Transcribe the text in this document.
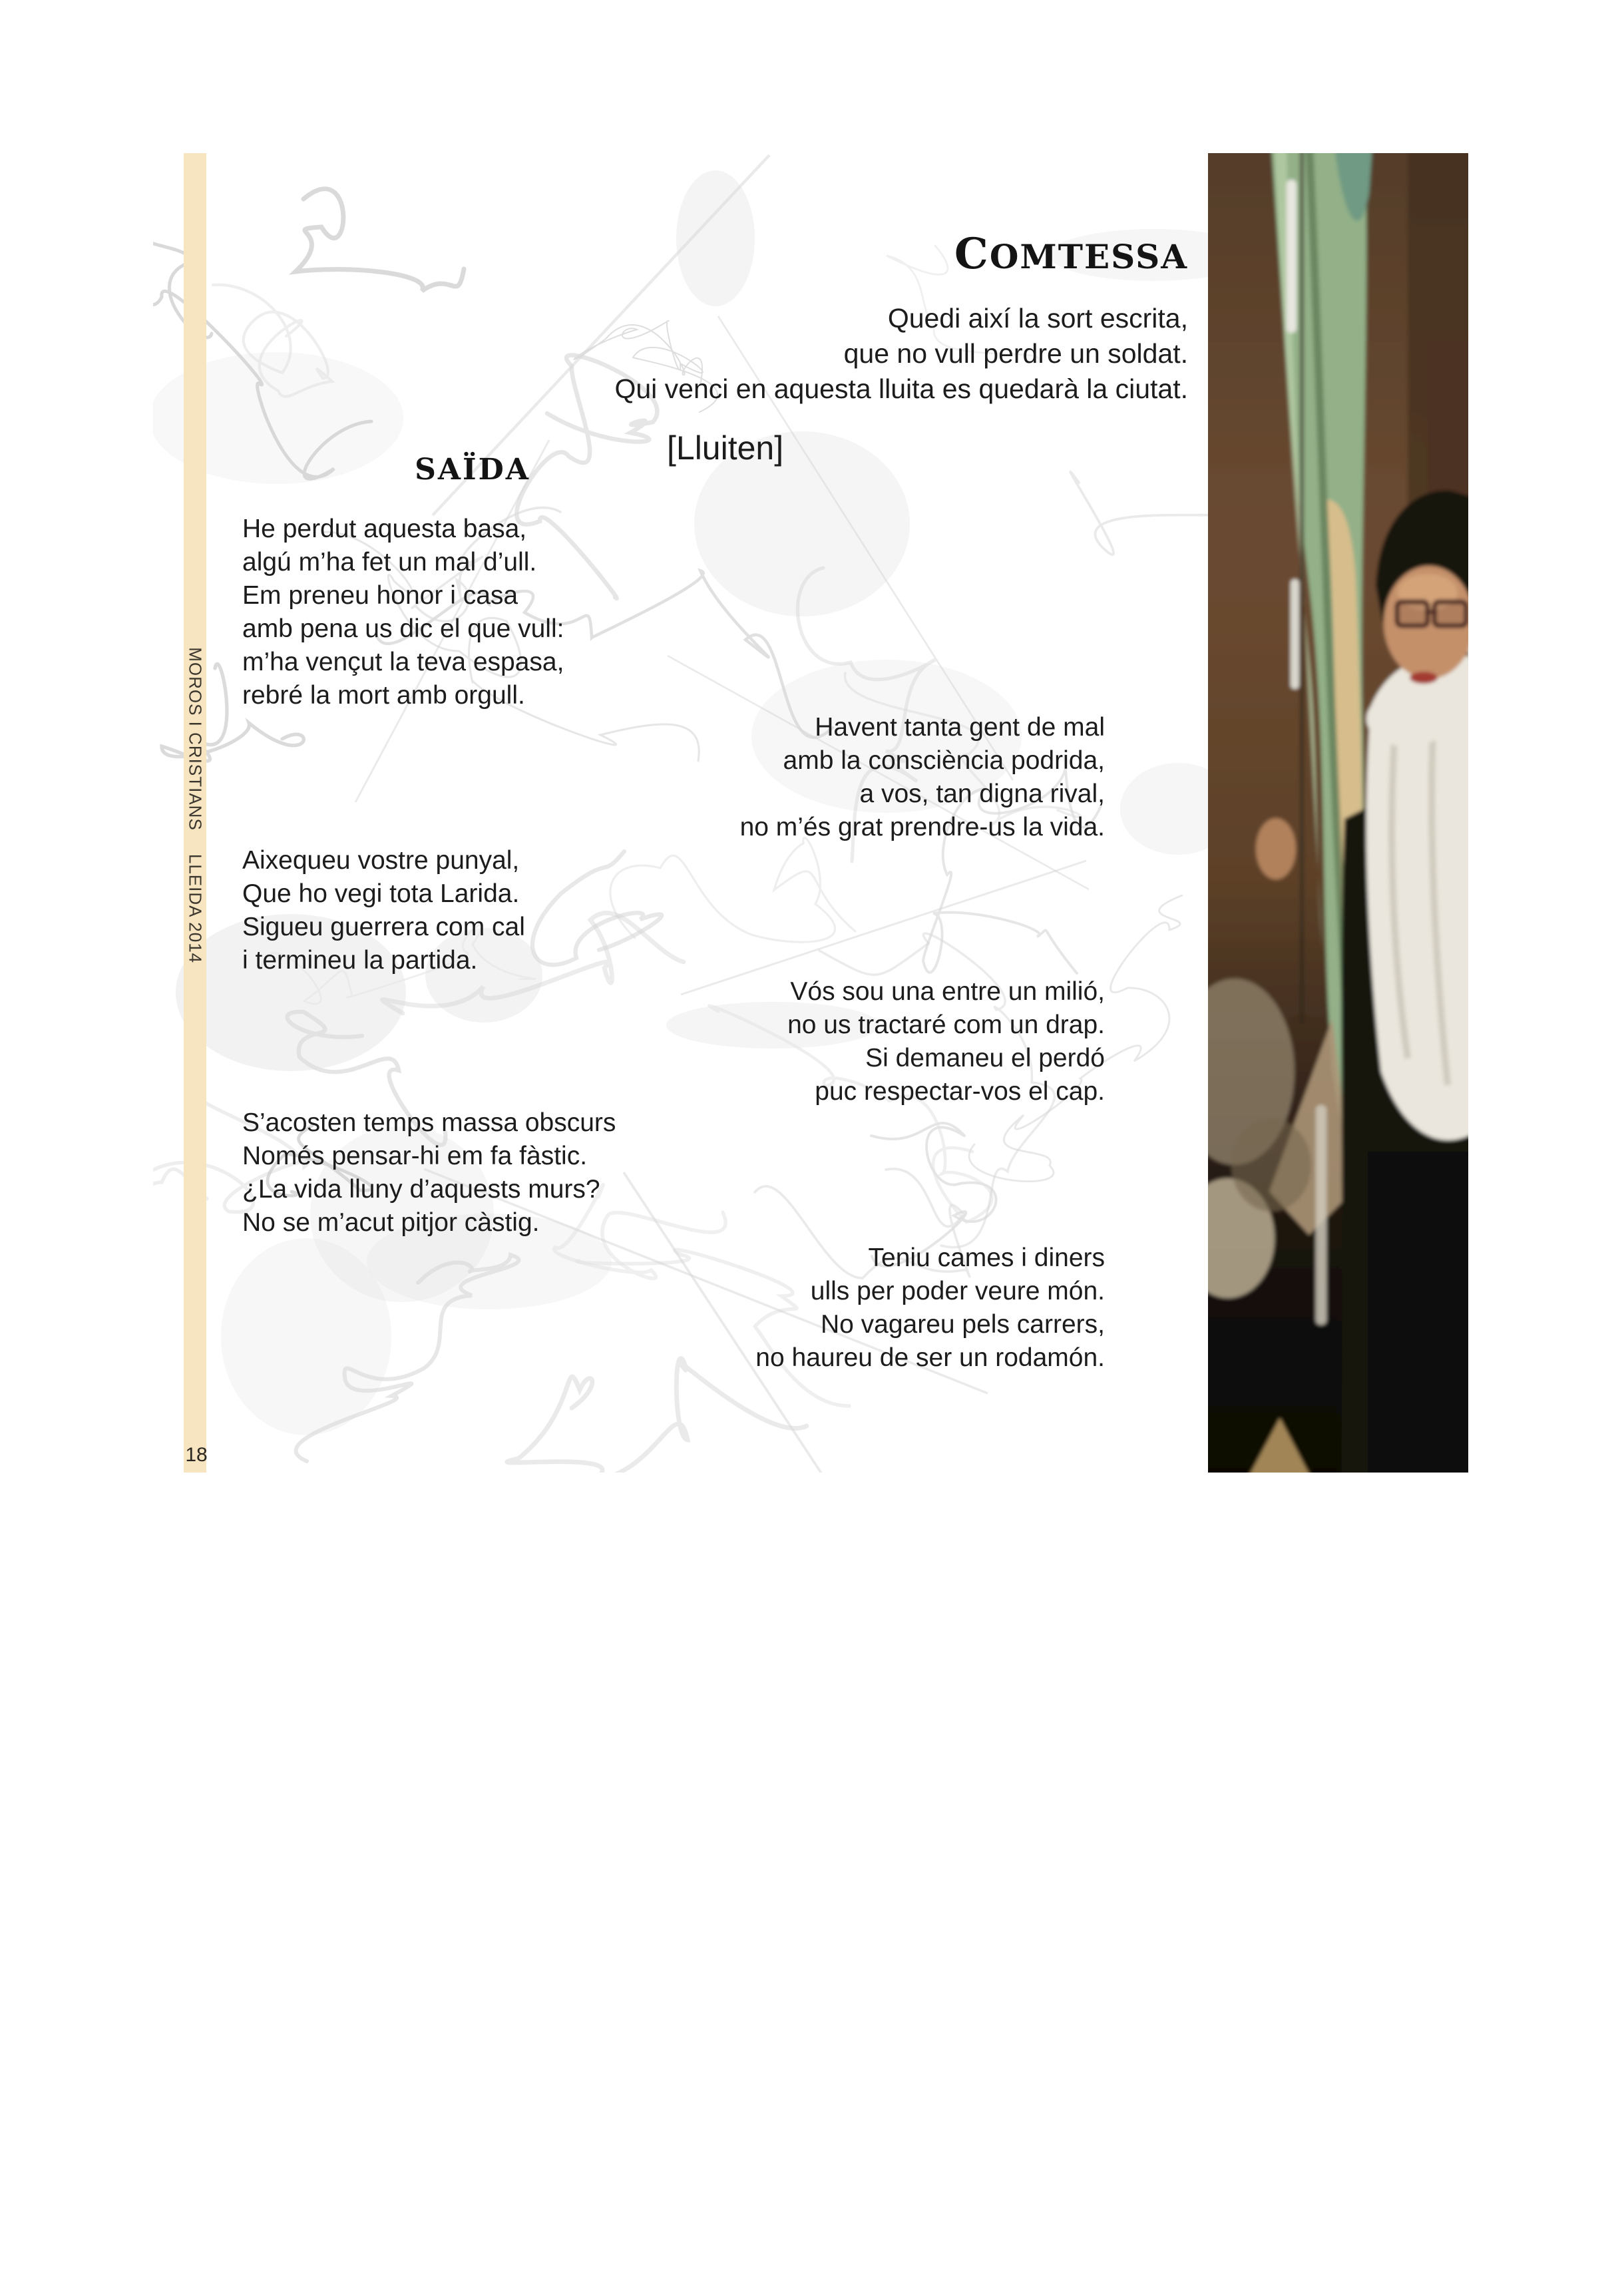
MOROS I CRISTIANS
LLEIDA 2014
18
COMTESSA
Quedi així la sort escrita,
que no vull perdre un soldat.
Qui venci en aquesta lluita es quedarà la ciutat.
[Lluiten]
SAÏDA
He perdut aquesta basa,
algú m’ha fet un mal d’ull.
Em preneu honor i casa
amb pena us dic el que vull:
m’ha vençut la teva espasa,
rebré la mort amb orgull.
Havent tanta gent de mal
amb la consciència podrida,
a vos, tan digna rival,
no m’és grat prendre-us la vida.
Aixequeu vostre punyal,
Que ho vegi tota Larida.
Sigueu guerrera com cal
i termineu la partida.
Vós sou una entre un milió,
no us tractaré com un drap.
Si demaneu el perdó
puc respectar-vos el cap.
S’acosten temps massa obscurs
Només pensar-hi em fa fàstic.
¿La vida lluny d’aquests murs?
No se m’acut pitjor càstig.
Teniu cames i diners
ulls per poder veure món.
No vagareu pels carrers,
no haureu de ser un rodamón.
